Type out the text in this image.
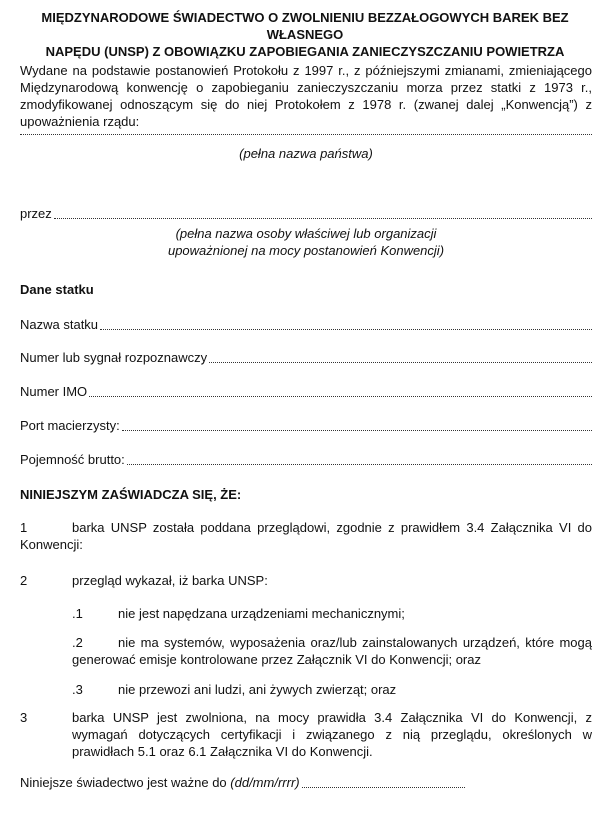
MIĘDZYNARODOWE ŚWIADECTWO O ZWOLNIENIU BEZZAŁOGOWYCH BAREK BEZ WŁASNEGO
NAPĘDU (UNSP) Z OBOWIĄZKU ZAPOBIEGANIA ZANIECZYSZCZANIU POWIETRZA
Wydane na podstawie postanowień Protokołu z 1997 r., z późniejszymi zmianami, zmieniającego Międzynarodową konwencję o zapobieganiu zanieczyszczaniu morza przez statki z 1973 r., zmodyfikowanej odnoszącym się do niej Protokołem z 1978 r. (zwanej dalej „Konwencją”) z upoważnienia rządu:
(pełna nazwa państwa)
przez
(pełna nazwa osoby właściwej lub organizacji
upoważnionej na mocy postanowień Konwencji)
Dane statku
Nazwa statku
Numer lub sygnał rozpoznawczy
Numer IMO
Port macierzysty:
Pojemność brutto:
NINIEJSZYM ZAŚWIADCZA SIĘ, ŻE:
1	barka UNSP została poddana przeglądowi, zgodnie z prawidłem 3.4 Załącznika VI do Konwencji:
2	przegląd wykazał, iż barka UNSP:
.1	nie jest napędzana urządzeniami mechanicznymi;
.2	nie ma systemów, wyposażenia oraz/lub zainstalowanych urządzeń, które mogą generować emisje kontrolowane przez Załącznik VI do Konwencji; oraz
.3	nie przewozi ani ludzi, ani żywych zwierząt; oraz
3	barka UNSP jest zwolniona, na mocy prawidła 3.4 Załącznika VI do Konwencji, z wymagań dotyczących certyfikacji i związanego z nią przeglądu, określonych w prawidłach 5.1 oraz 6.1 Załącznika VI do Konwencji.
Niniejsze świadectwo jest ważne do (dd/mm/rrrr)
